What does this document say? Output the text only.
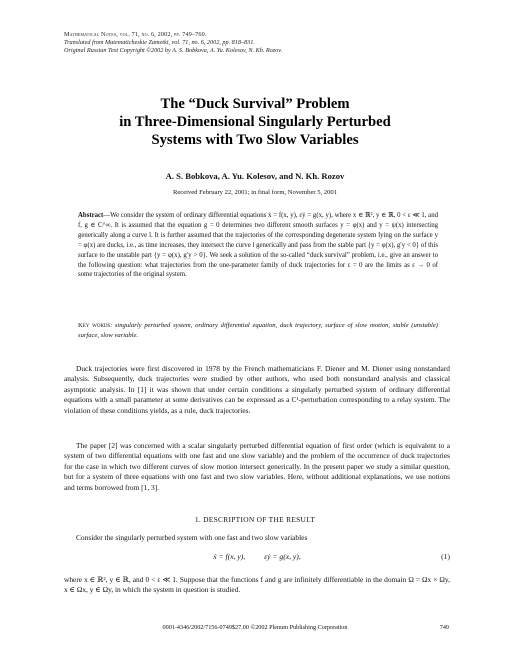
Mathematical Notes, vol. 71, no. 6, 2002, pp. 749–760.
Translated from Matematicheskie Zametki, vol. 71, no. 6, 2002, pp. 818–831.
Original Russian Text Copyright ©2002 by A. S. Bobkova, A. Yu. Kolesov, N. Kh. Rozov.
The “Duck Survival” Problem
in Three-Dimensional Singularly Perturbed
Systems with Two Slow Variables
A. S. Bobkova, A. Yu. Kolesov, and N. Kh. Rozov
Received February 22, 2001; in final form, November 5, 2001
Abstract—We consider the system of ordinary differential equations ẋ = f(x, y), εẏ = g(x, y), where x ∈ ℝ², y ∈ ℝ, 0 < ε ≪ 1, and f, g ∈ C^∞. It is assumed that the equation g = 0 determines two different smooth surfaces y = φ(x) and y = ψ(x) intersecting generically along a curve l. It is further assumed that the trajectories of the corresponding degenerate system lying on the surface y = φ(x) are ducks, i.e., as time increases, they intersect the curve l generically and pass from the stable part {y = φ(x), g′y < 0} of this surface to the unstable part {y = φ(x), g′y > 0}. We seek a solution of the so-called “duck survival” problem, i.e., give an answer to the following question: what trajectories from the one-parameter family of duck trajectories for ε = 0 are the limits as ε → 0 of some trajectories of the original system.
Key words: singularly perturbed system, ordinary differential equation, duck trajectory, surface of slow motion, stable (unstable) surface, slow variable.
Duck trajectories were first discovered in 1978 by the French mathematicians F. Diener and M. Diener using nonstandard analysis. Subsequently, duck trajectories were studied by other authors, who used both nonstandard analysis and classical asymptotic analysis. In [1] it was shown that under certain conditions a singularly perturbed system of ordinary differential equations with a small parameter at some derivatives can be expressed as a C¹-perturbation corresponding to a relay system. The violation of these conditions yields, as a rule, duck trajectories.
The paper [2] was concerned with a scalar singularly perturbed differential equation of first order (which is equivalent to a system of two differential equations with one fast and one slow variable) and the problem of the occurrence of duck trajectories for the case in which two different curves of slow motion intersect generically. In the present paper we study a similar question, but for a system of three equations with one fast and two slow variables. Here, without additional explanations, we use notions and terms borrowed from [1, 3].
1. DESCRIPTION OF THE RESULT
Consider the singularly perturbed system with one fast and two slow variables
ẋ = f(x, y),          εẏ = g(x, y),	(1)
where x ∈ ℝ², y ∈ ℝ, and 0 < ε ≪ 1. Suppose that the functions f and g are infinitely differentiable in the domain Ω = Ωx × Ωy, x ∈ Ωx, y ∈ Ωy, in which the system in question is studied.
0001-4346/2002/7156-0749$27.00 ©2002 Plenum Publishing Corporation	749
